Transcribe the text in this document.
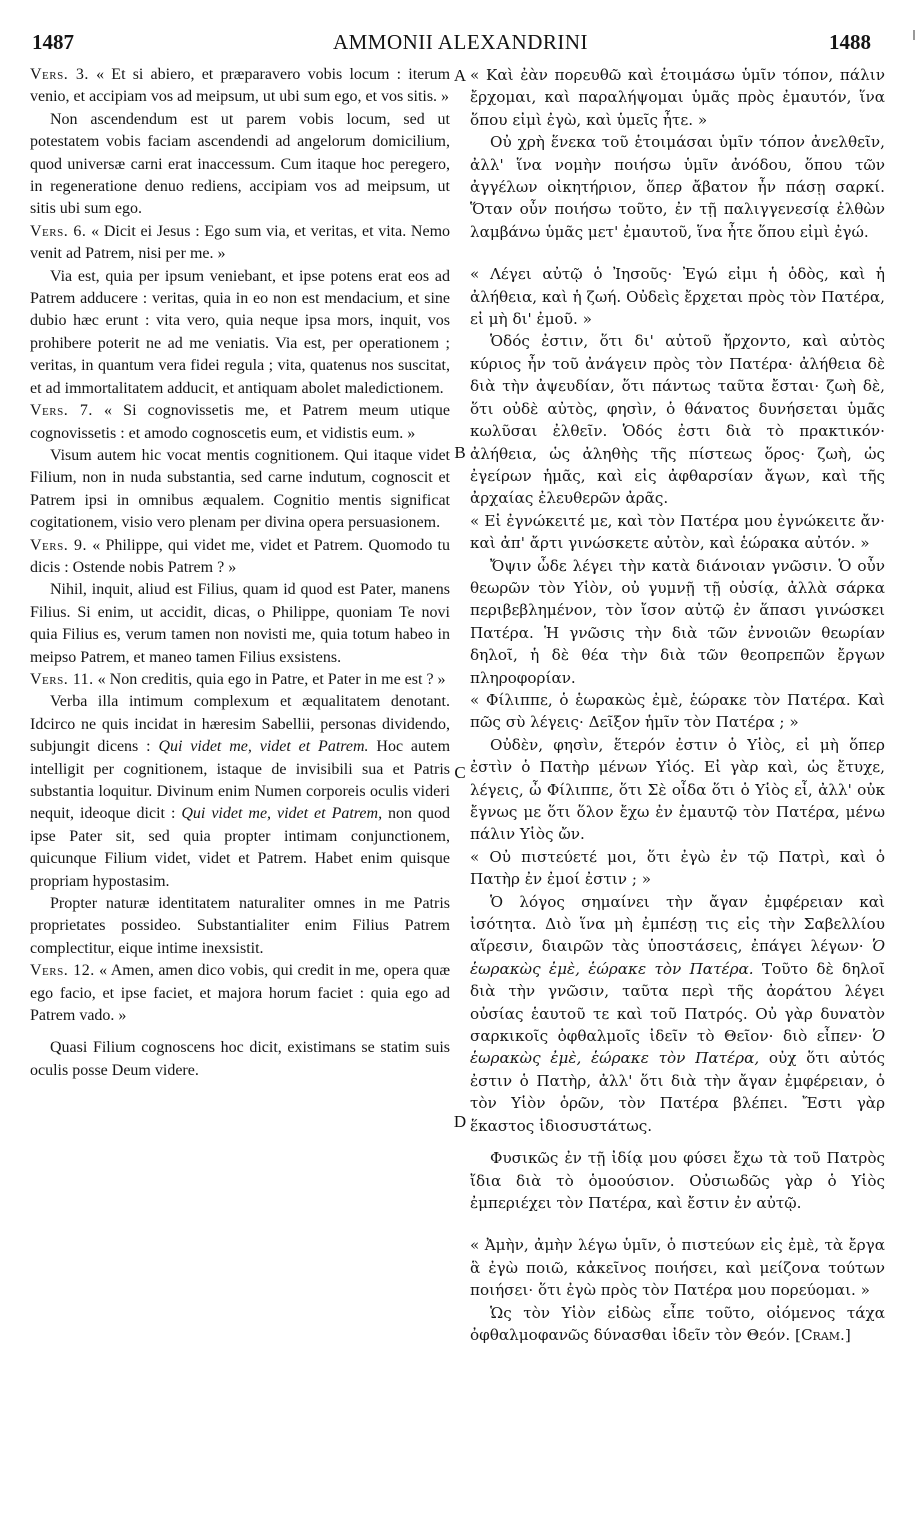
1487	AMMONII ALEXANDRINI	1488

Vers. 3. « Et si abiero, et præparavero vobis locum : iterum venio, et accipiam vos ad meipsum, ut ubi sum ego, et vos sitis. »

Non ascendendum est ut parem vobis locum, sed ut potestatem vobis faciam ascendendi ad angelorum domicilium, quod universæ carni erat inaccessum. Cum itaque hoc peregero, in regeneratione denuo rediens, accipiam vos ad meipsum, ut sitis ubi sum ego.

Vers. 6. « Dicit ei Jesus : Ego sum via, et veritas, et vita. Nemo venit ad Patrem, nisi per me. »

Via est, quia per ipsum veniebant, et ipse potens erat eos ad Patrem adducere : veritas, quia in eo non est mendacium, et sine dubio hæc erunt : vita vero, quia neque ipsa mors, inquit, vos prohibere poterit ne ad me veniatis. Via est, per operationem ; veritas, in quantum vera fidei regula ; vita, quatenus nos suscitat, et ad immortalitatem adducit, et antiquam abolet maledictionem.

Vers. 7. « Si cognovissetis me, et Patrem meum utique cognovissetis : et amodo cognoscetis eum, et vidistis eum. »

Visum autem hic vocat mentis cognitionem. Qui itaque videt Filium, non in nuda substantia, sed carne indutum, cognoscit et Patrem ipsi in omnibus æqualem. Cognitio mentis significat cogitationem, visio vero plenam per divina opera persuasionem.

Vers. 9. « Philippe, qui videt me, videt et Patrem. Quomodo tu dicis : Ostende nobis Patrem ? »

Nihil, inquit, aliud est Filius, quam id quod est Pater, manens Filius. Si enim, ut accidit, dicas, o Philippe, quoniam Te novi quia Filius es, verum tamen non novisti me, quia totum habeo in meipso Patrem, et maneo tamen Filius exsistens.

Vers. 11. « Non creditis, quia ego in Patre, et Pater in me est ? »

Verba illa intimum complexum et æqualitatem denotant. Idcirco ne quis incidat in hæresim Sabellii, personas dividendo, subjungit dicens : Qui videt me, videt et Patrem. Hoc autem intelligit per cognitionem, istaque de invisibili sua et Patris substantia loquitur. Divinum enim Numen corporeis oculis videri nequit, ideoque dicit : Qui videt me, videt et Patrem, non quod ipse Pater sit, sed quia propter intimam conjunctionem, quicunque Filium videt, videt et Patrem. Habet enim quisque propriam hypostasim.

Propter naturæ identitatem naturaliter omnes in me Patris proprietates possideo. Substantialiter enim Filius Patrem complectitur, eique intime inexsistit.

Vers. 12. « Amen, amen dico vobis, qui credit in me, opera quæ ego facio, et ipse faciet, et majora horum faciet : quia ego ad Patrem vado. »

Quasi Filium cognoscens hoc dicit, existimans se statim suis oculis posse Deum videre.

A
B
C
D

« Καὶ ἐὰν πορευθῶ καὶ ἑτοιμάσω ὑμῖν τόπον, πάλιν ἔρχομαι, καὶ παραλήψομαι ὑμᾶς πρὸς ἐμαυτόν, ἵνα ὅπου εἰμὶ ἐγὼ, καὶ ὑμεῖς ἦτε. »

Οὐ χρὴ ἕνεκα τοῦ ἑτοιμάσαι ὑμῖν τόπον ἀνελθεῖν, ἀλλ' ἵνα νομὴν ποιήσω ὑμῖν ἀνόδου, ὅπου τῶν ἀγγέλων οἰκητήριον, ὅπερ ἄβατον ἦν πάσῃ σαρκί. Ὅταν οὖν ποιήσω τοῦτο, ἐν τῇ παλιγγενεσίᾳ ἐλθὼν λαμβάνω ὑμᾶς μετ' ἐμαυτοῦ, ἵνα ἦτε ὅπου εἰμὶ ἐγώ.

« Λέγει αὐτῷ ὁ Ἰησοῦς· Ἐγώ εἰμι ἡ ὁδὸς, καὶ ἡ ἀλήθεια, καὶ ἡ ζωή. Οὐδεὶς ἔρχεται πρὸς τὸν Πατέρα, εἰ μὴ δι' ἐμοῦ. »

Ὁδός ἐστιν, ὅτι δι' αὐτοῦ ἤρχοντο, καὶ αὐτὸς κύριος ἦν τοῦ ἀνάγειν πρὸς τὸν Πατέρα· ἀλήθεια δὲ διὰ τὴν ἀψευδίαν, ὅτι πάντως ταῦτα ἔσται· ζωὴ δὲ, ὅτι οὐδὲ αὐτὸς, φησὶν, ὁ θάνατος δυνήσεται ὑμᾶς κωλῦσαι ἐλθεῖν. Ὁδός ἐστι διὰ τὸ πρακτικόν· ἀλήθεια, ὡς ἀληθὴς τῆς πίστεως ὅρος· ζωὴ, ὡς ἐγείρων ἡμᾶς, καὶ εἰς ἀφθαρσίαν ἄγων, καὶ τῆς ἀρχαίας ἐλευθερῶν ἀρᾶς.

« Εἰ ἐγνώκειτέ με, καὶ τὸν Πατέρα μου ἐγνώκειτε ἄν· καὶ ἀπ' ἄρτι γινώσκετε αὐτὸν, καὶ ἑώρακα αὐτόν. »

Ὄψιν ὧδε λέγει τὴν κατὰ διάνοιαν γνῶσιν. Ὁ οὖν θεωρῶν τὸν Υἱὸν, οὐ γυμνῇ τῇ οὐσίᾳ, ἀλλὰ σάρκα περιβεβλημένον, τὸν ἴσον αὐτῷ ἐν ἅπασι γινώσκει Πατέρα. Ἡ γνῶσις τὴν διὰ τῶν ἐννοιῶν θεωρίαν δηλοῖ, ἡ δὲ θέα τὴν διὰ τῶν θεοπρεπῶν ἔργων πληροφορίαν.

« Φίλιππε, ὁ ἑωρακὼς ἐμὲ, ἑώρακε τὸν Πατέρα. Καὶ πῶς σὺ λέγεις· Δεῖξον ἡμῖν τὸν Πατέρα ; »

Οὐδὲν, φησὶν, ἕτερόν ἐστιν ὁ Υἱὸς, εἰ μὴ ὅπερ ἐστὶν ὁ Πατὴρ μένων Υἱός. Εἰ γὰρ καὶ, ὡς ἔτυχε, λέγεις, ὦ Φίλιππε, ὅτι Σὲ οἶδα ὅτι ὁ Υἱὸς εἶ, ἀλλ' οὐκ ἔγνως με ὅτι ὅλον ἔχω ἐν ἐμαυτῷ τὸν Πατέρα, μένω πάλιν Υἱὸς ὤν.

« Οὐ πιστεύετέ μοι, ὅτι ἐγὼ ἐν τῷ Πατρὶ, καὶ ὁ Πατὴρ ἐν ἐμοί ἐστιν ; »

Ὁ λόγος σημαίνει τὴν ἄγαν ἐμφέρειαν καὶ ἰσότητα. Διὸ ἵνα μὴ ἐμπέσῃ τις εἰς τὴν Σαβελλίου αἵρεσιν, διαιρῶν τὰς ὑποστάσεις, ἐπάγει λέγων· Ὁ ἑωρακὼς ἐμὲ, ἑώρακε τὸν Πατέρα. Τοῦτο δὲ δηλοῖ διὰ τὴν γνῶσιν, ταῦτα περὶ τῆς ἀοράτου λέγει οὐσίας ἑαυτοῦ τε καὶ τοῦ Πατρός. Οὐ γὰρ δυνατὸν σαρκικοῖς ὀφθαλμοῖς ἰδεῖν τὸ Θεῖον· διὸ εἶπεν· Ὁ ἑωρακὼς ἐμὲ, ἑώρακε τὸν Πατέρα, οὐχ ὅτι αὐτός ἐστιν ὁ Πατὴρ, ἀλλ' ὅτι διὰ τὴν ἄγαν ἐμφέρειαν, ὁ τὸν Υἱὸν ὁρῶν, τὸν Πατέρα βλέπει. Ἔστι γὰρ ἕκαστος ἰδιοσυστάτως.

Φυσικῶς ἐν τῇ ἰδίᾳ μου φύσει ἔχω τὰ τοῦ Πατρὸς ἴδια διὰ τὸ ὁμοούσιον. Οὐσιωδῶς γὰρ ὁ Υἱὸς ἐμπεριέχει τὸν Πατέρα, καὶ ἔστιν ἐν αὐτῷ.

« Ἀμὴν, ἀμὴν λέγω ὑμῖν, ὁ πιστεύων εἰς ἐμὲ, τὰ ἔργα ἃ ἐγὼ ποιῶ, κἀκεῖνος ποιήσει, καὶ μείζονα τούτων ποιήσει· ὅτι ἐγὼ πρὸς τὸν Πατέρα μου πορεύομαι. »

Ὡς τὸν Υἱὸν εἰδὼς εἶπε τοῦτο, οἰόμενος τάχα ὀφθαλμοφανῶς δύνασθαι ἰδεῖν τὸν Θεόν. [Cram.]
